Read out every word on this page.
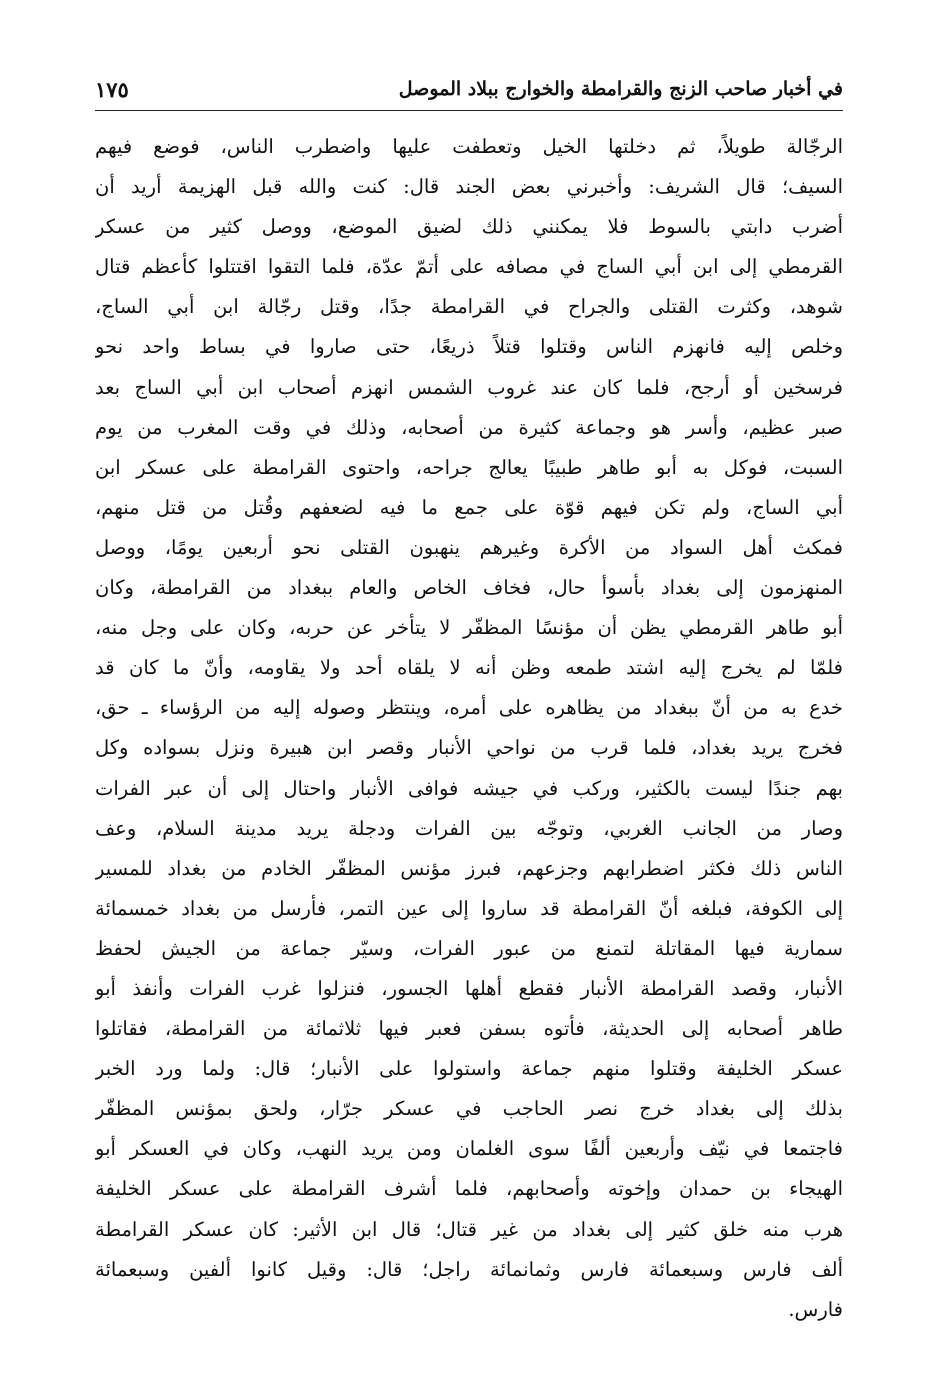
في أخبار صاحب الزنج والقرامطة والخوارج ببلاد الموصل
١٧٥
الرجّالة طويلاً، ثم دخلتها الخيل وتعطفت عليها واضطرب الناس، فوضع فيهم
السيف؛ قال الشريف: وأخبرني بعض الجند قال: كنت والله قبل الهزيمة أريد أن
أضرب دابتي بالسوط فلا يمكنني ذلك لضيق الموضع، ووصل كثير من عسكر
القرمطي إلى ابن أبي الساج في مصافه على أتمّ عدّة، فلما التقوا اقتتلوا كأعظم قتال
شوهد، وكثرت القتلى والجراح في القرامطة جدًا، وقتل رجّالة ابن أبي الساج،
وخلص إليه فانهزم الناس وقتلوا قتلاً ذريعًا، حتى صاروا في بساط واحد نحو
فرسخين أو أرجح، فلما كان عند غروب الشمس انهزم أصحاب ابن أبي الساج بعد
صبر عظيم، وأسر هو وجماعة كثيرة من أصحابه، وذلك في وقت المغرب من يوم
السبت، فوكل به أبو طاهر طبيبًا يعالج جراحه، واحتوى القرامطة على عسكر ابن
أبي الساج، ولم تكن فيهم قوّة على جمع ما فيه لضعفهم وقُتل من قتل منهم،
فمكث أهل السواد من الأكرة وغيرهم ينهبون القتلى نحو أربعين يومًا، ووصل
المنهزمون إلى بغداد بأسوأ حال، فخاف الخاص والعام ببغداد من القرامطة، وكان
أبو طاهر القرمطي يظن أن مؤنسًا المظفّر لا يتأخر عن حربه، وكان على وجل منه،
فلمّا لم يخرج إليه اشتد طمعه وظن أنه لا يلقاه أحد ولا يقاومه، وأنّ ما كان قد
خدع به من أنّ ببغداد من يظاهره على أمره، وينتظر وصوله إليه من الرؤساء ـ حق،
فخرج يريد بغداد، فلما قرب من نواحي الأنبار وقصر ابن هبيرة ونزل بسواده وكل
بهم جندًا ليست بالكثير، وركب في جيشه فوافى الأنبار واحتال إلى أن عبر الفرات
وصار من الجانب الغربي، وتوجّه بين الفرات ودجلة يريد مدينة السلام، وعف
الناس ذلك فكثر اضطرابهم وجزعهم، فبرز مؤنس المظفّر الخادم من بغداد للمسير
إلى الكوفة، فبلغه أنّ القرامطة قد ساروا إلى عين التمر، فأرسل من بغداد خمسمائة
سمارية فيها المقاتلة لتمنع من عبور الفرات، وسيّر جماعة من الجيش لحفظ
الأنبار، وقصد القرامطة الأنبار فقطع أهلها الجسور، فنزلوا غرب الفرات وأنفذ أبو
طاهر أصحابه إلى الحديثة، فأتوه بسفن فعبر فيها ثلاثمائة من القرامطة، فقاتلوا
عسكر الخليفة وقتلوا منهم جماعة واستولوا على الأنبار؛ قال: ولما ورد الخبر
بذلك إلى بغداد خرج نصر الحاجب في عسكر جرّار، ولحق بمؤنس المظفّر
فاجتمعا في نيّف وأربعين ألفًا سوى الغلمان ومن يريد النهب، وكان في العسكر أبو
الهيجاء بن حمدان وإخوته وأصحابهم، فلما أشرف القرامطة على عسكر الخليفة
هرب منه خلق كثير إلى بغداد من غير قتال؛ قال ابن الأثير: كان عسكر القرامطة
ألف فارس وسبعمائة فارس وثمانمائة راجل؛ قال: وقيل كانوا ألفين وسبعمائة
فارس.
